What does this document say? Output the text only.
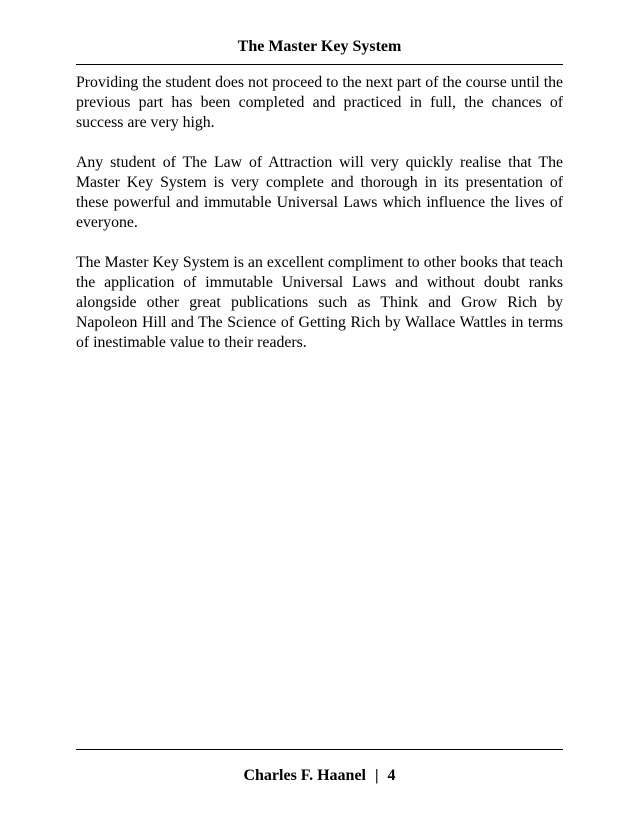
The Master Key System

Providing the student does not proceed to the next part of the course until the previous part has been completed and practiced in full, the chances of success are very high.

Any student of The Law of Attraction will very quickly realise that The Master Key System is very complete and thorough in its presentation of these powerful and immutable Universal Laws which influence the lives of everyone.

The Master Key System is an excellent compliment to other books that teach the application of immutable Universal Laws and without doubt ranks alongside other great publications such as Think and Grow Rich by Napoleon Hill and The Science of Getting Rich by Wallace Wattles in terms of inestimable value to their readers.

Charles F. Haanel | 4
